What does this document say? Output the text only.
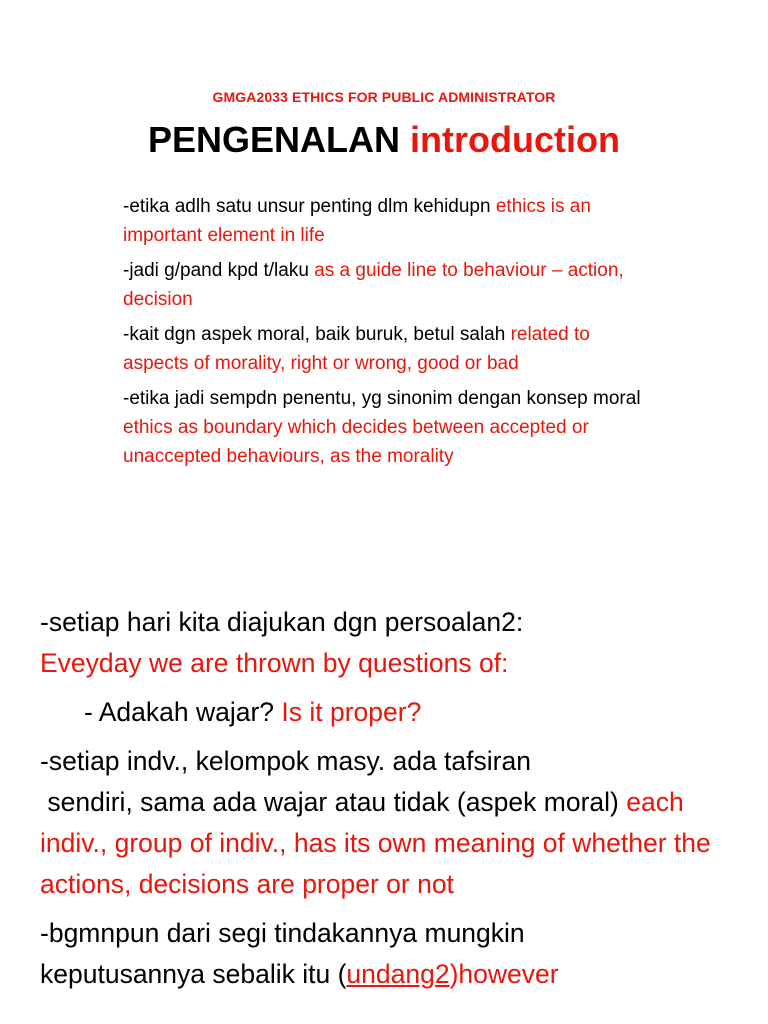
GMGA2033 ETHICS FOR PUBLIC ADMINISTRATOR
PENGENALAN introduction

-etika adlh satu unsur penting dlm kehidupn ethics is an important element in life

-jadi g/pand kpd t/laku as a guide line to behaviour – action, decision

-kait dgn aspek moral, baik buruk, betul salah related to aspects of morality, right or wrong, good or bad

-etika jadi sempdn penentu, yg sinonim dengan konsep moral ethics as boundary which decides between accepted or unaccepted behaviours, as the morality

-setiap hari kita diajukan dgn persoalan2:

Eveyday we are thrown by questions of:

- Adakah wajar? Is it proper?

-setiap indv., kelompok masy. ada tafsiran

sendiri, sama ada wajar atau tidak (aspek moral) each indiv., group of indiv., has its own meaning of whether the actions, decisions are proper or not

-bgmnpun dari segi tindakannya mungkin

keputusannya sebalik itu (undang2)however
